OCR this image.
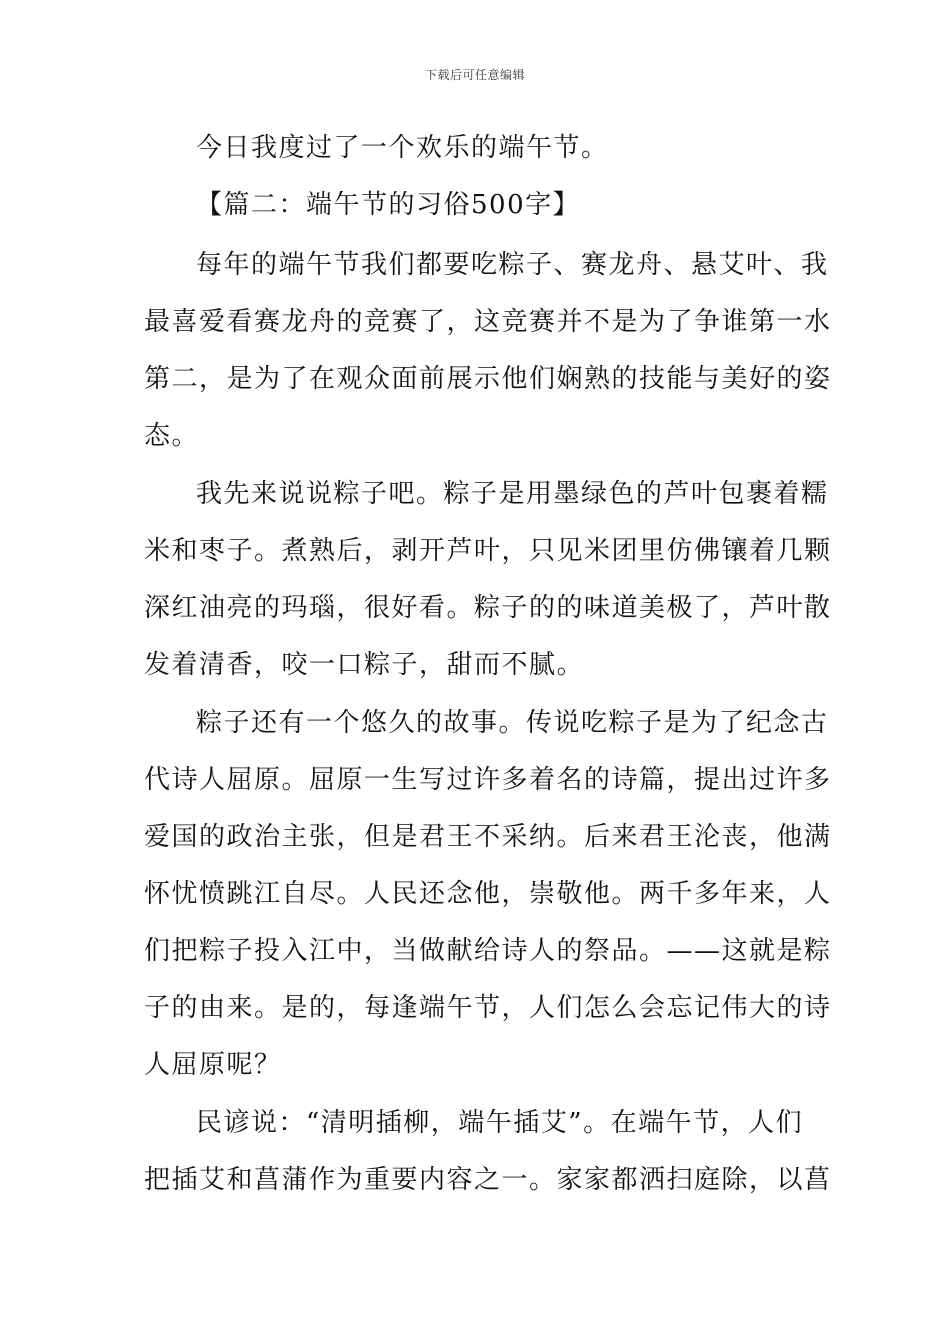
下载后可任意编辑
今日我度过了一个欢乐的端午节。
【篇二：端午节的习俗500字】
每年的端午节我们都要吃粽子、赛龙舟、悬艾叶、我
最喜爱看赛龙舟的竞赛了，这竞赛并不是为了争谁第一水
第二，是为了在观众面前展示他们娴熟的技能与美好的姿
态。
我先来说说粽子吧。粽子是用墨绿色的芦叶包裹着糯
米和枣子。煮熟后，剥开芦叶，只见米团里仿佛镶着几颗
深红油亮的玛瑙，很好看。粽子的的味道美极了，芦叶散
发着清香，咬一口粽子，甜而不腻。
粽子还有一个悠久的故事。传说吃粽子是为了纪念古
代诗人屈原。屈原一生写过许多着名的诗篇，提出过许多
爱国的政治主张，但是君王不采纳。后来君王沦丧，他满
怀忧愤跳江自尽。人民还念他，崇敬他。两千多年来，人
们把粽子投入江中，当做献给诗人的祭品。——这就是粽
子的由来。是的，每逢端午节，人们怎么会忘记伟大的诗
人屈原呢？
民谚说：“清明插柳，端午插艾”。在端午节，人们
把插艾和菖蒲作为重要内容之一。家家都洒扫庭除，以菖
